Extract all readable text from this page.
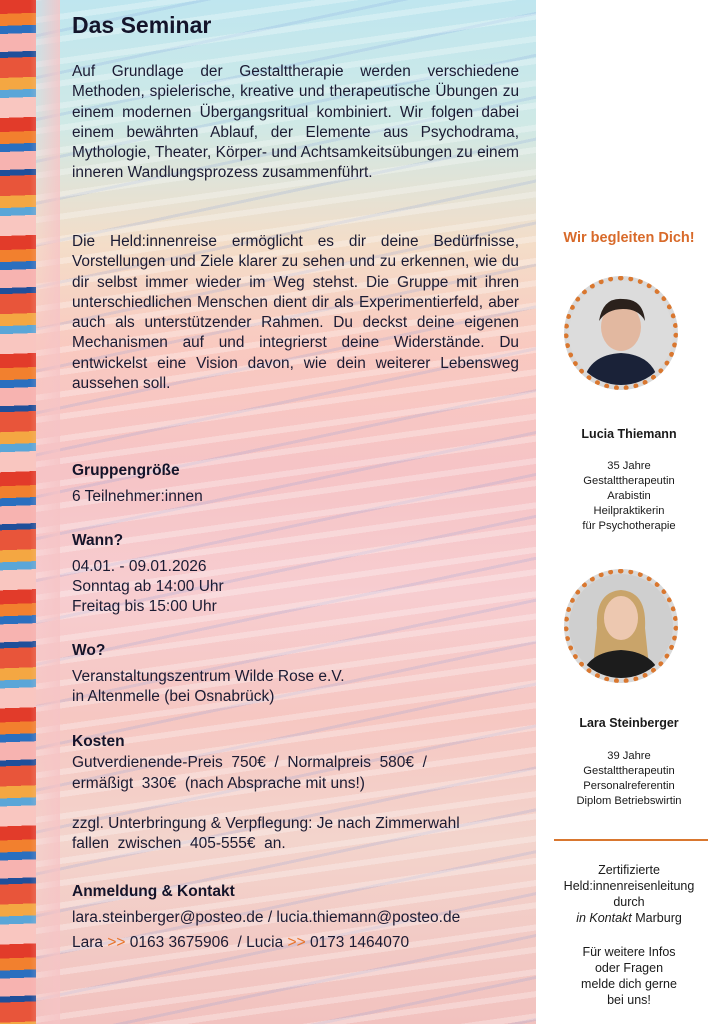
Das Seminar

Auf Grundlage der Gestalttherapie werden verschiedene Methoden, spielerische, kreative und therapeutische Übungen zu einem modernen Übergangsritual kombiniert. Wir folgen dabei einem bewährten Ablauf, der Elemente aus Psychodrama, Mythologie, Theater, Körper- und Achtsamkeitsübungen zu einem inneren Wandlungsprozess zusammenführt.

Die Held:innenreise ermöglicht es dir deine Bedürfnisse, Vorstellungen und Ziele klarer zu sehen und zu erkennen, wie du dir selbst immer wieder im Weg stehst. Die Gruppe mit ihren unterschiedlichen Menschen dient dir als Experimentierfeld, aber auch als unterstützender Rahmen. Du deckst deine eigenen Mechanismen auf und integrierst deine Widerstände. Du entwickelst eine Vision davon, wie dein weiterer Lebensweg aussehen soll.

Gruppengröße
6 Teilnehmer:innen
Wann?
04.01. - 09.01.2026
Sonntag ab 14:00 Uhr
Freitag bis 15:00 Uhr
Wo?
Veranstaltungszentrum Wilde Rose e.V.
in Altenmelle (bei Osnabrück)
Kosten
Gutverdienende-Preis  750€  /  Normalpreis  580€  /
ermäßigt  330€  (nach Absprache mit uns!)
zzgl. Unterbringung & Verpflegung: Je nach Zimmerwahl
fallen  zwischen  405-555€  an.
Anmeldung & Kontakt
lara.steinberger@posteo.de / lucia.thiemann@posteo.de
Lara >> 0163 3675906 / Lucia >> 0173 1464070
Wir begleiten Dich!
Lucia Thiemann
35 Jahre
Gestalttherapeutin
Arabistin
Heilpraktikerin
für Psychotherapie
Lara Steinberger
39 Jahre
Gestalttherapeutin
Personalreferentin
Diplom Betriebswirtin
Zertifizierte
Held:innenreisenleitung
durch
in Kontakt Marburg
Für weitere Infos
oder Fragen
melde dich gerne
bei uns!
